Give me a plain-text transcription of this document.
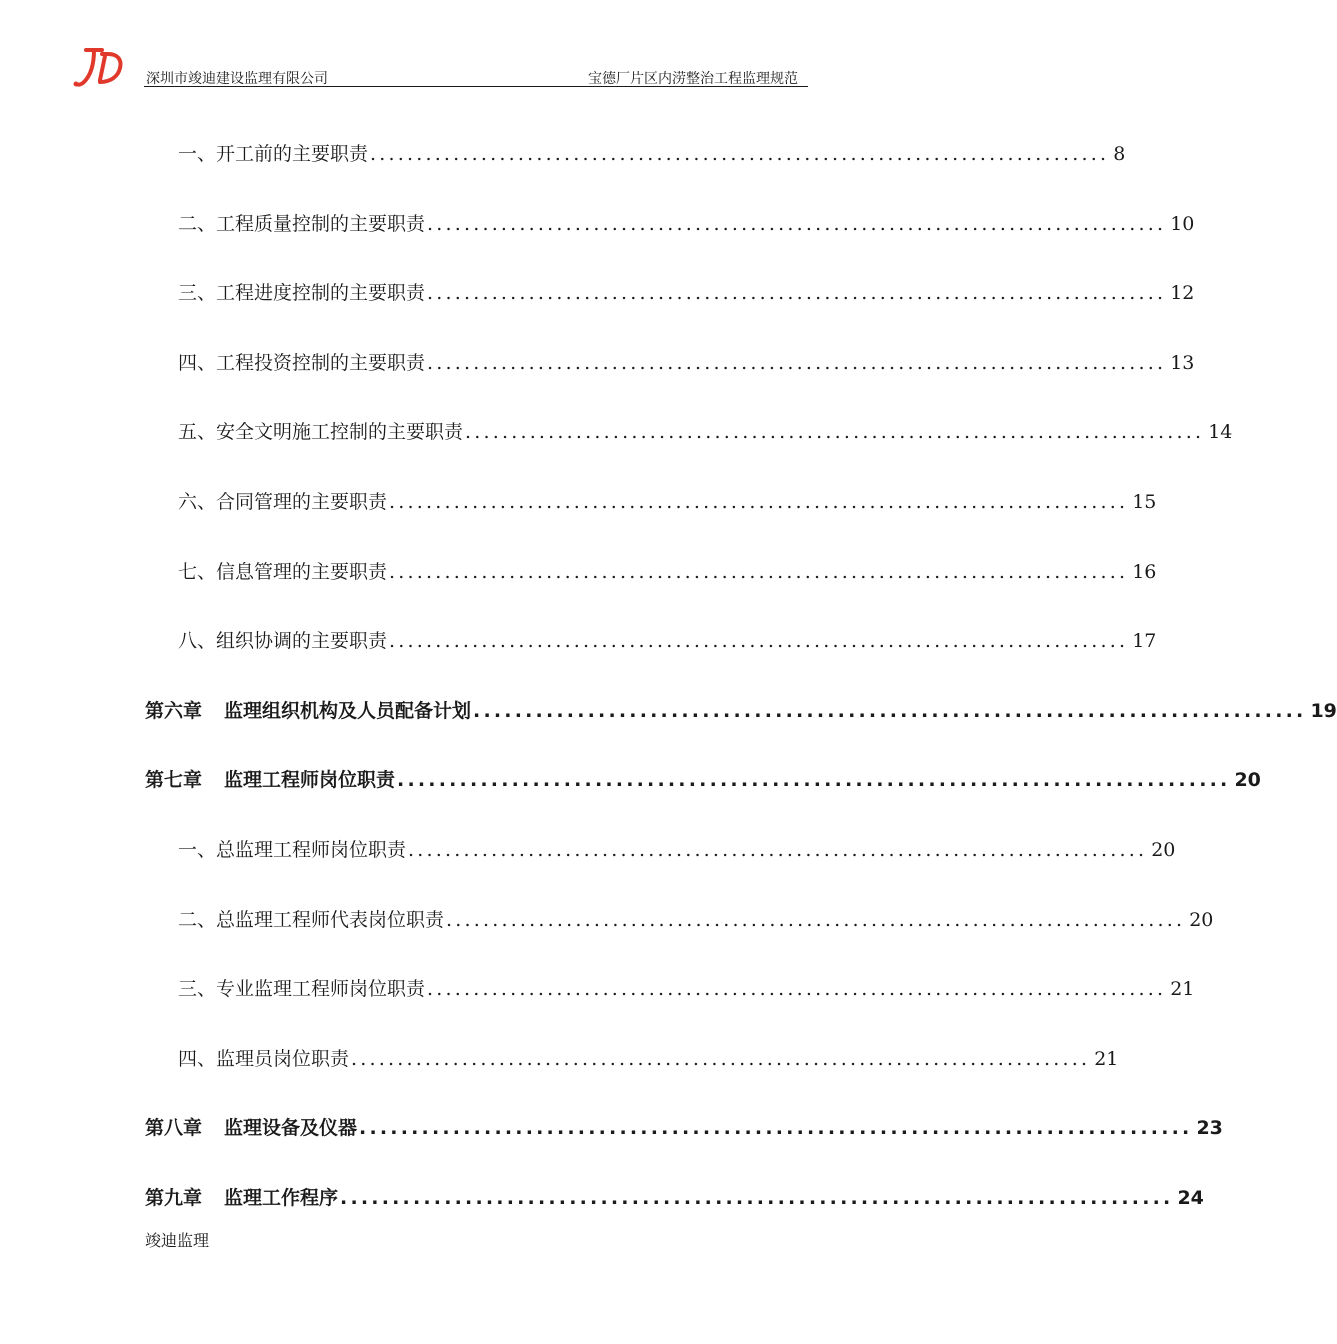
深圳市竣迪建设监理有限公司	宝德厂片区内涝整治工程监理规范
一、开工前的主要职责 ................................................................................ 8
二、工程质量控制的主要职责 ................................................................................ 10
三、工程进度控制的主要职责 ................................................................................ 12
四、工程投资控制的主要职责 ................................................................................ 13
五、安全文明施工控制的主要职责 ................................................................................ 14
六、合同管理的主要职责 ................................................................................ 15
七、信息管理的主要职责 ................................................................................ 16
八、组织协调的主要职责 ................................................................................ 17
第六章 监理组织机构及人员配备计划 ................................................................................ 19
第七章 监理工程师岗位职责 ................................................................................ 20
一、总监理工程师岗位职责 ................................................................................ 20
二、总监理工程师代表岗位职责 ................................................................................ 20
三、专业监理工程师岗位职责 ................................................................................ 21
四、监理员岗位职责 ................................................................................ 21
第八章 监理设备及仪器 ................................................................................ 23
第九章 监理工作程序 ................................................................................ 24
竣迪监理
